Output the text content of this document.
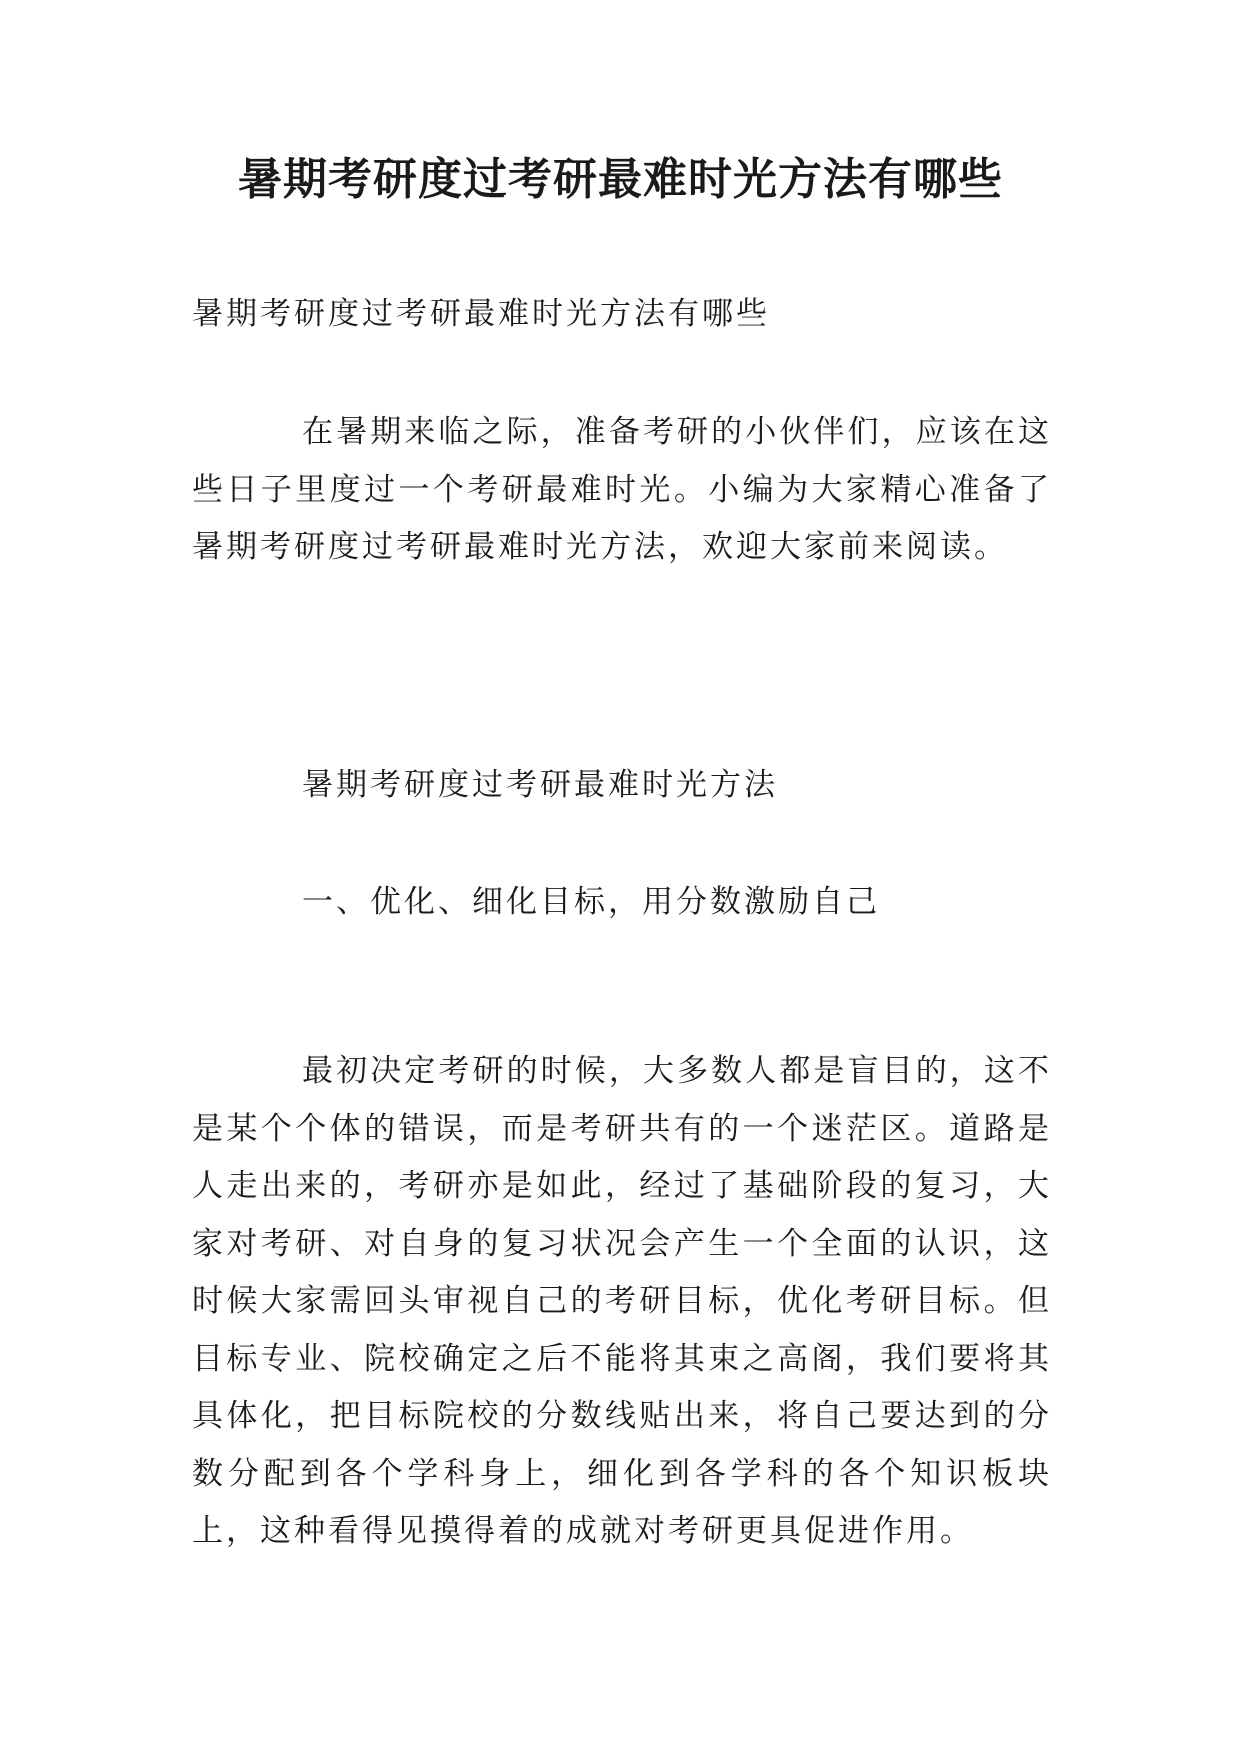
暑期考研度过考研最难时光方法有哪些

暑期考研度过考研最难时光方法有哪些

在暑期来临之际，准备考研的小伙伴们，应该在这些日子里度过一个考研最难时光。小编为大家精心准备了暑期考研度过考研最难时光方法，欢迎大家前来阅读。

暑期考研度过考研最难时光方法

一、优化、细化目标，用分数激励自己

最初决定考研的时候，大多数人都是盲目的，这不是某个个体的错误，而是考研共有的一个迷茫区。道路是人走出来的，考研亦是如此，经过了基础阶段的复习，大家对考研、对自身的复习状况会产生一个全面的认识，这时候大家需回头审视自己的考研目标，优化考研目标。但目标专业、院校确定之后不能将其束之高阁，我们要将其具体化，把目标院校的分数线贴出来，将自己要达到的分数分配到各个学科身上，细化到各学科的各个知识板块上，这种看得见摸得着的成就对考研更具促进作用。
